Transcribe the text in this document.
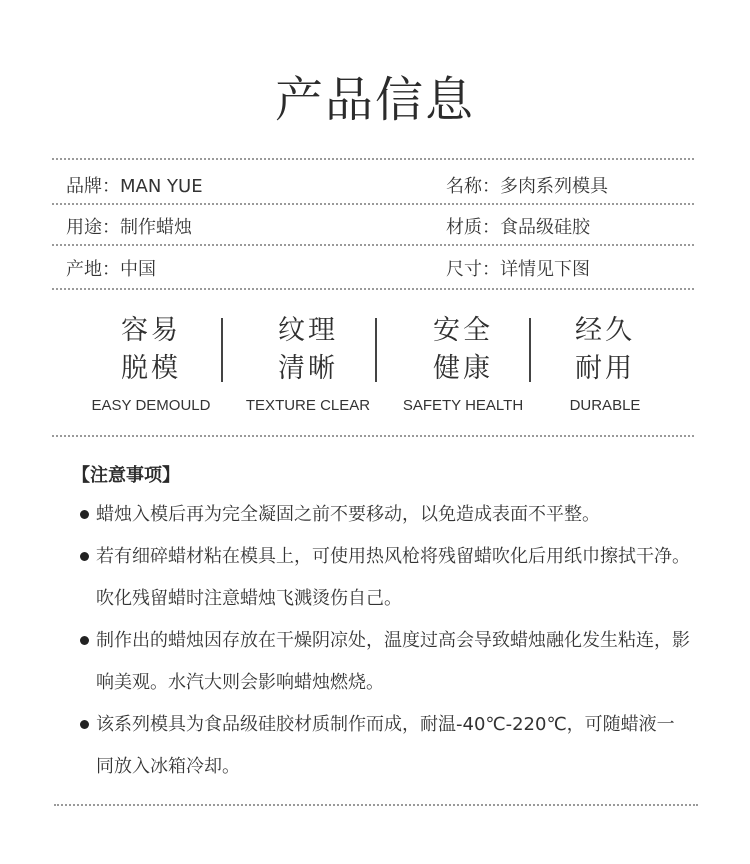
产品信息
品牌：MAN YUE	名称：多肉系列模具
用途：制作蜡烛	材质：食品级硅胶
产地：中国	尺寸：详情见下图
容易
脱模
EASY DEMOULD
纹理
清晰
TEXTURE CLEAR
安全
健康
SAFETY HEALTH
经久
耐用
DURABLE
【注意事项】
蜡烛入模后再为完全凝固之前不要移动，以免造成表面不平整。
若有细碎蜡材粘在模具上，可使用热风枪将残留蜡吹化后用纸巾擦拭干净。吹化残留蜡时注意蜡烛飞溅烫伤自己。
制作出的蜡烛因存放在干燥阴凉处，温度过高会导致蜡烛融化发生粘连，影响美观。水汽大则会影响蜡烛燃烧。
该系列模具为食品级硅胶材质制作而成，耐温-40℃-220℃，可随蜡液一同放入冰箱冷却。
